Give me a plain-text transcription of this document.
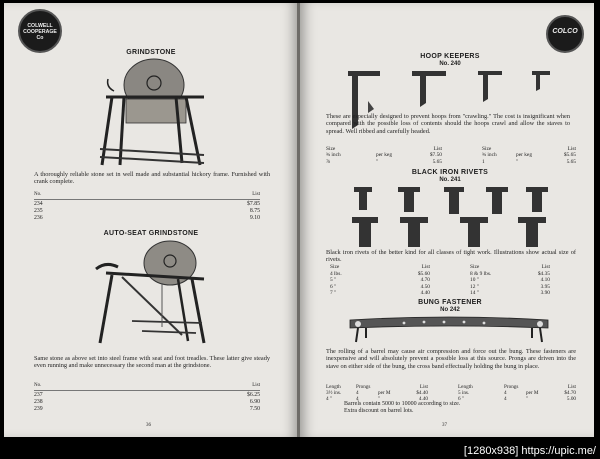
COLWELL
COOPERAGE
Co
GRINDSTONE
A thoroughly reliable stone set in well made and substantial hickory frame. Furnished with crank complete.
No.	List
234	$7.85
235	8.75
236	9.10
AUTO-SEAT GRINDSTONE
Same stone as above set into steel frame with seat and foot treadles. These latter give steady even running and make unnecessary the second man at the grindstone.
No.	List
237	$6.25
238	6.90
239	7.50
36
COLCO
HOOP KEEPERS
No. 240
These are especially designed to prevent hoops from "crawling." The cost is insignificant when compared with the possible loss of contents should the hoops crawl and allow the staves to spread. Well ribbed and carefully headed.
Size	List	Size	List
¾ inch	per keg	$7.50	¾ inch	per keg	$5.65
⅞	"	5.65	1	"	5.65
BLACK IRON RIVETS
No. 241
Black iron rivets of the better kind for all classes of tight work. Illustrations show actual size of rivets.
Size	List	Size	List
4 lbs.	$5.60	8 & 9 lbs.	$4.35
5 "	4.70	10 "	4.10
6 "	4.50	12 "	3.95
7 "	4.40	14 "	3.90
BUNG FASTENER
No 242
The rolling of a barrel may cause air compression and force out the bung. These fasteners are inexpensive and will absolutely prevent a possible loss at this source. Prongs are driven into the stave on either side of the bung, the cross band effectually holding the bung in place.
Length	Prongs	List	Length	Prongs	List
3½ ins.	4	per M	$4.40	5 ins.	4	per M	$4.70
4 "	4	"	4.40	6 "	4	"	5.00
Barrels contain 5000 to 10000 according to size.
Extra discount on barrel lots.
37
[1280x938] https://upic.me/
